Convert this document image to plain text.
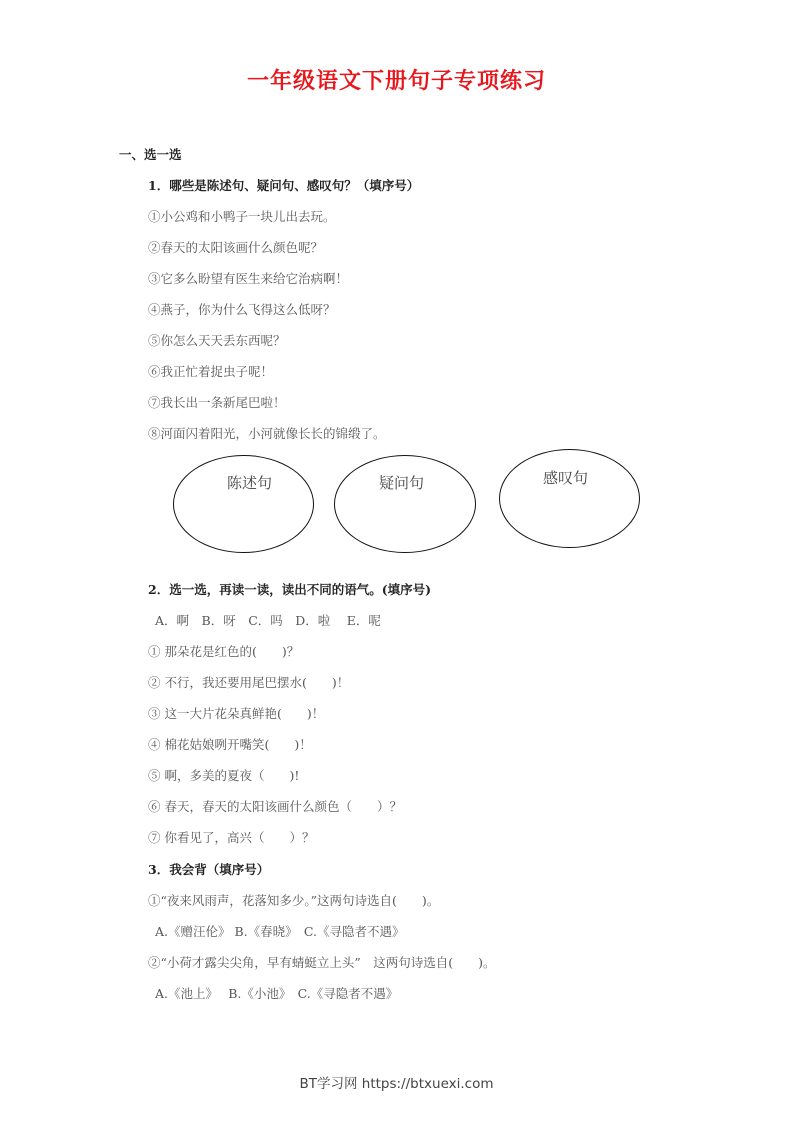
一年级语文下册句子专项练习
一、选一选
1．哪些是陈述句、疑问句、感叹句？（填序号）
①小公鸡和小鸭子一块儿出去玩。
②春天的太阳该画什么颜色呢？
③它多么盼望有医生来给它治病啊！
④燕子，你为什么飞得这么低呀？
⑤你怎么天天丢东西呢？
⑥我正忙着捉虫子呢！
⑦我长出一条新尾巴啦！
⑧河面闪着阳光，小河就像长长的锦缎了。
陈述句	疑问句	感叹句
2．选一选，再读一读，读出不同的语气。(填序号)
A．啊　B．呀　C．吗　D．啦　 E．呢
① 那朵花是红色的(　　)？
② 不行，我还要用尾巴摆水(　　)！
③ 这一大片花朵真鲜艳(　　)！
④ 棉花姑娘咧开嘴笑(　　)！
⑤ 啊，多美的夏夜（　　)!
⑥ 春天，春天的太阳该画什么颜色（　　）？
⑦ 你看见了，高兴（　　）？
3．我会背（填序号）
①“夜来风雨声，花落知多少。”这两句诗选自(　　)。
A.《赠汪伦》 B.《春晓》　C.《寻隐者不遇》
②“小荷才露尖尖角，早有蜻蜓立上头”　这两句诗选自(　　)。
A.《池上》　 B.《小池》　C.《寻隐者不遇》
BT学习网 https://btxuexi.com
